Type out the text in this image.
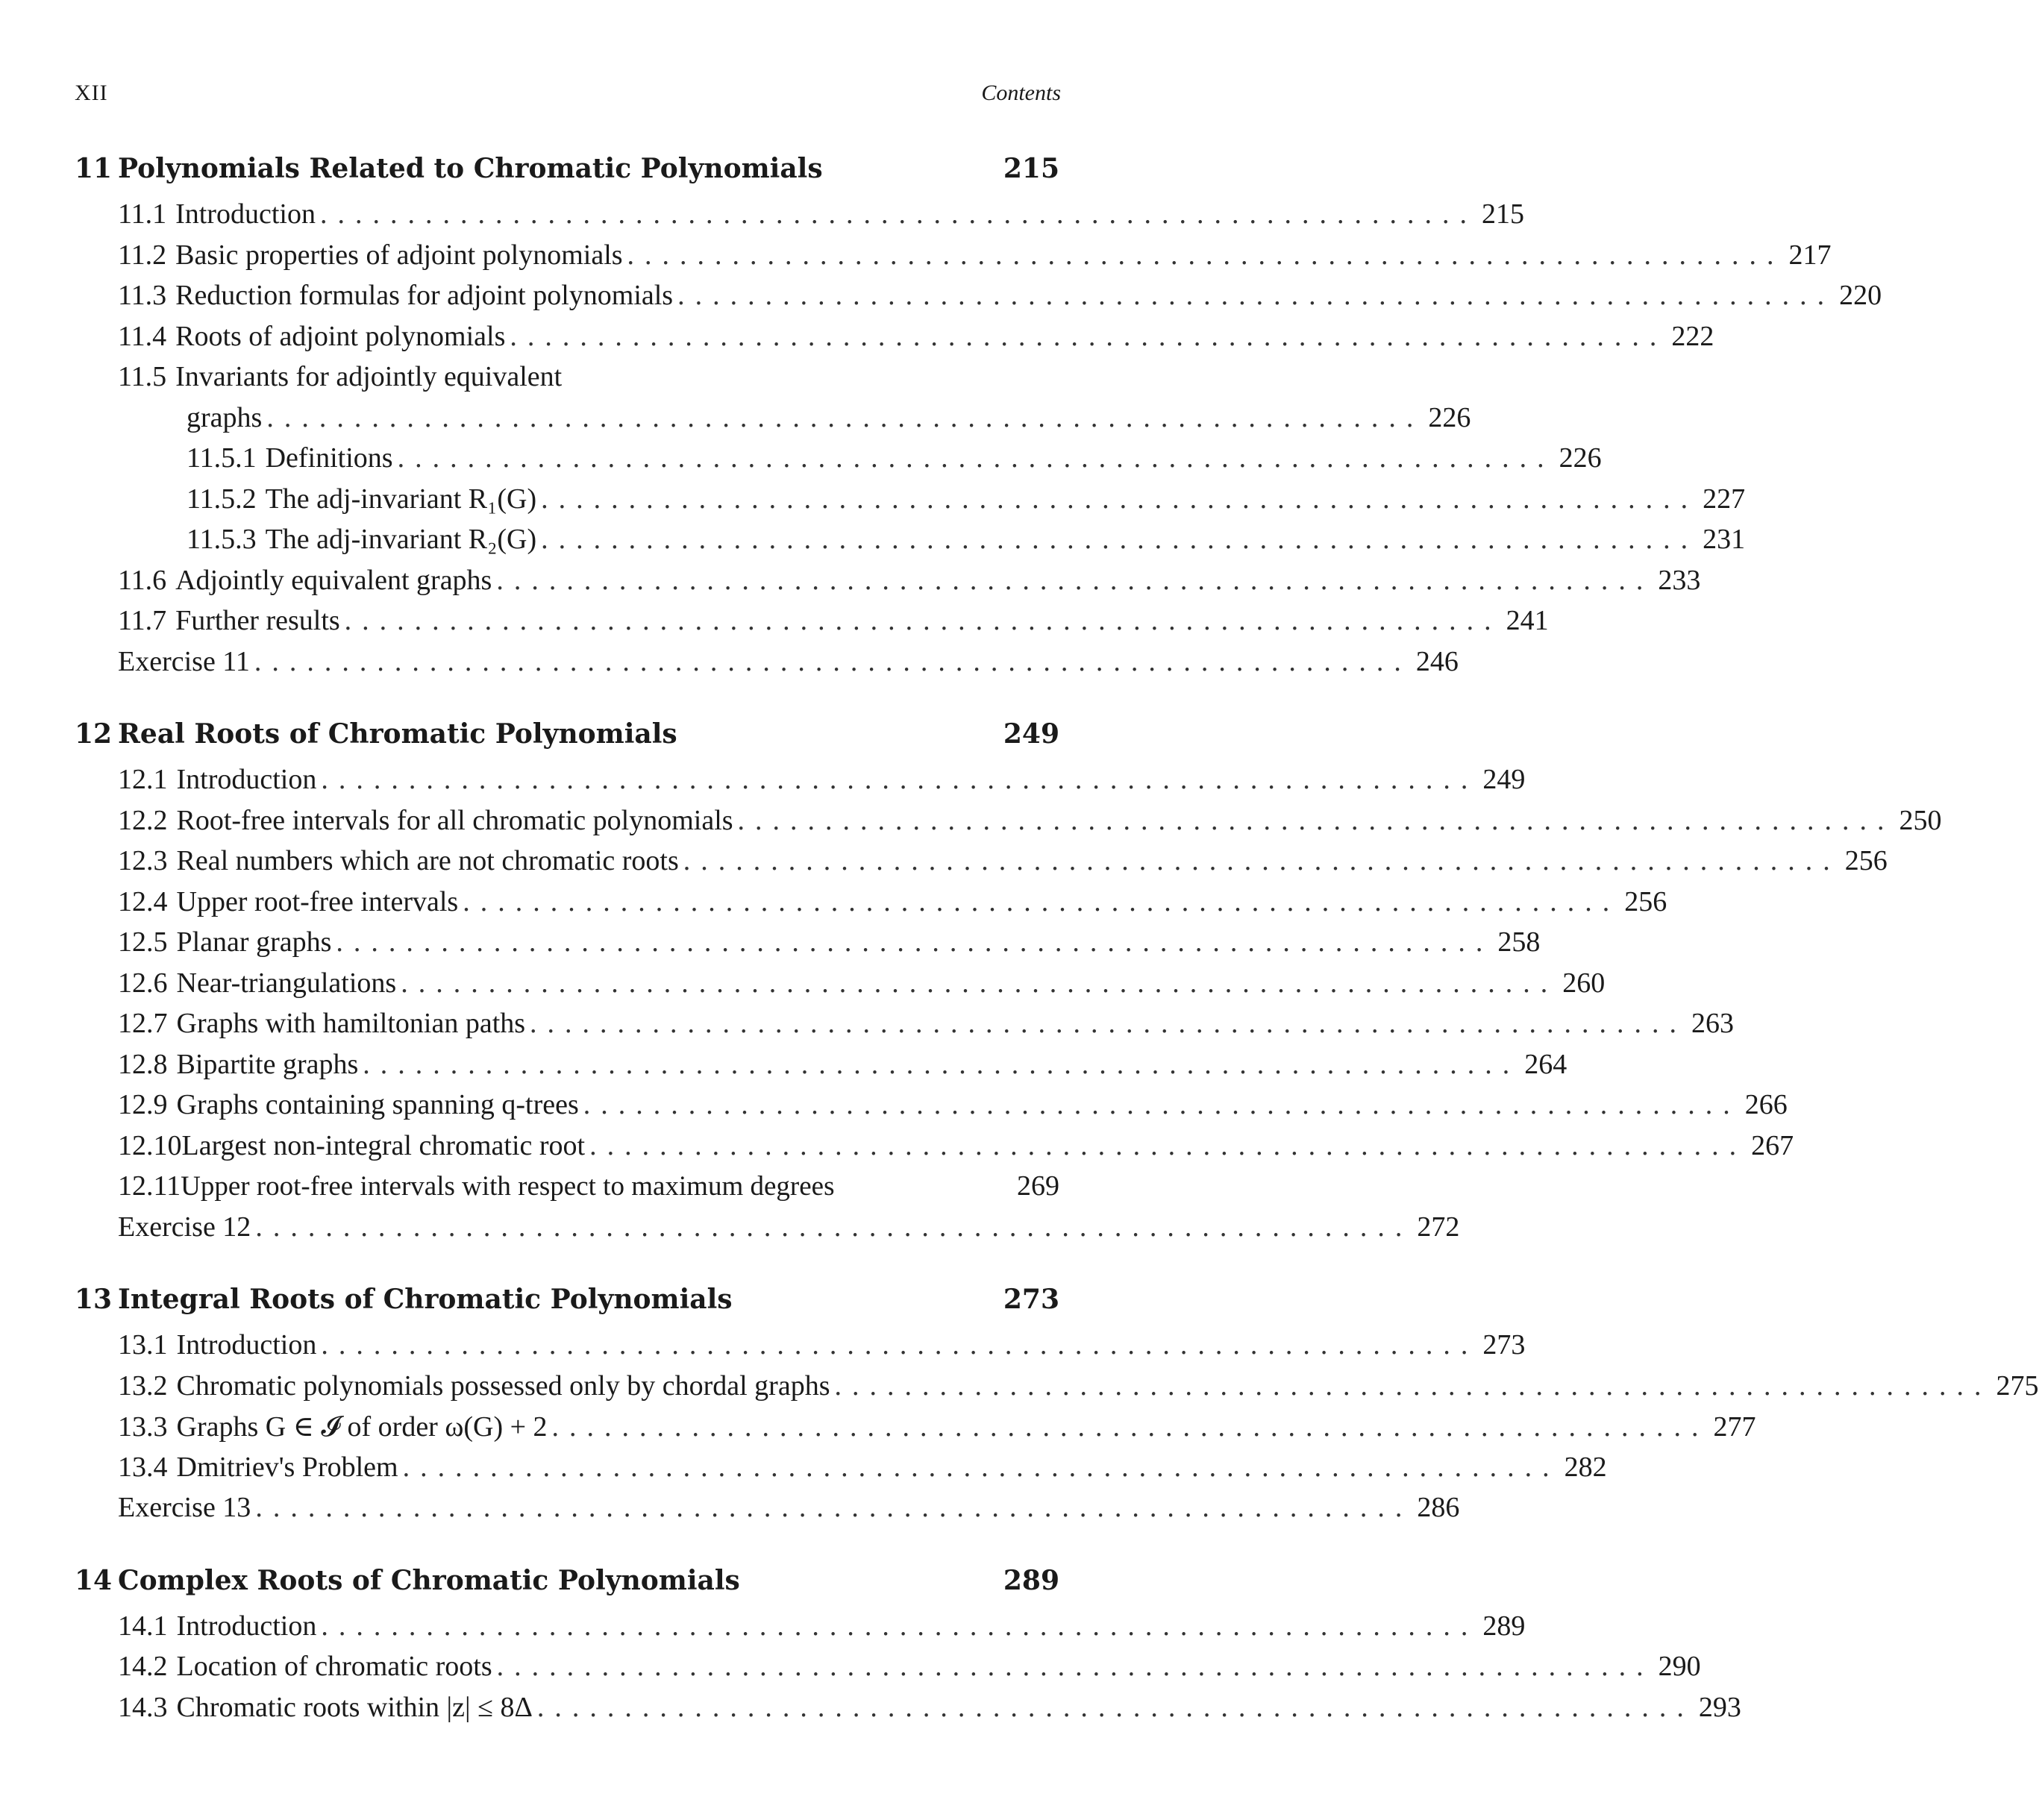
XII	Contents
11 Polynomials Related to Chromatic Polynomials	215
11.1 Introduction .................................................................. 215
11.2 Basic properties of adjoint polynomials .................................................................. 217
11.3 Reduction formulas for adjoint polynomials .................................................................. 220
11.4 Roots of adjoint polynomials .................................................................. 222
11.5 Invariants for adjointly equivalent
graphs .................................................................. 226
11.5.1 Definitions .................................................................. 226
11.5.2 The adj-invariant R₁(G) .................................................................. 227
11.5.3 The adj-invariant R₂(G) .................................................................. 231
11.6 Adjointly equivalent graphs .................................................................. 233
11.7 Further results .................................................................. 241
Exercise 11 .................................................................. 246
12 Real Roots of Chromatic Polynomials	249
12.1 Introduction .................................................................. 249
12.2 Root-free intervals for all chromatic polynomials .................................................................. 250
12.3 Real numbers which are not chromatic roots .................................................................. 256
12.4 Upper root-free intervals .................................................................. 256
12.5 Planar graphs .................................................................. 258
12.6 Near-triangulations .................................................................. 260
12.7 Graphs with hamiltonian paths .................................................................. 263
12.8 Bipartite graphs .................................................................. 264
12.9 Graphs containing spanning q-trees .................................................................. 266
12.10 Largest non-integral chromatic root .................................................................. 267
12.11 Upper root-free intervals with respect to maximum degrees	269
Exercise 12 .................................................................. 272
13 Integral Roots of Chromatic Polynomials	273
13.1 Introduction .................................................................. 273
13.2 Chromatic polynomials possessed only by chordal graphs .................................................................. 275
13.3 Graphs G ∈ 𝓘 of order ω(G) + 2 .................................................................. 277
13.4 Dmitriev's Problem .................................................................. 282
Exercise 13 .................................................................. 286
14 Complex Roots of Chromatic Polynomials	289
14.1 Introduction .................................................................. 289
14.2 Location of chromatic roots .................................................................. 290
14.3 Chromatic roots within |z| ≤ 8Δ .................................................................. 293
